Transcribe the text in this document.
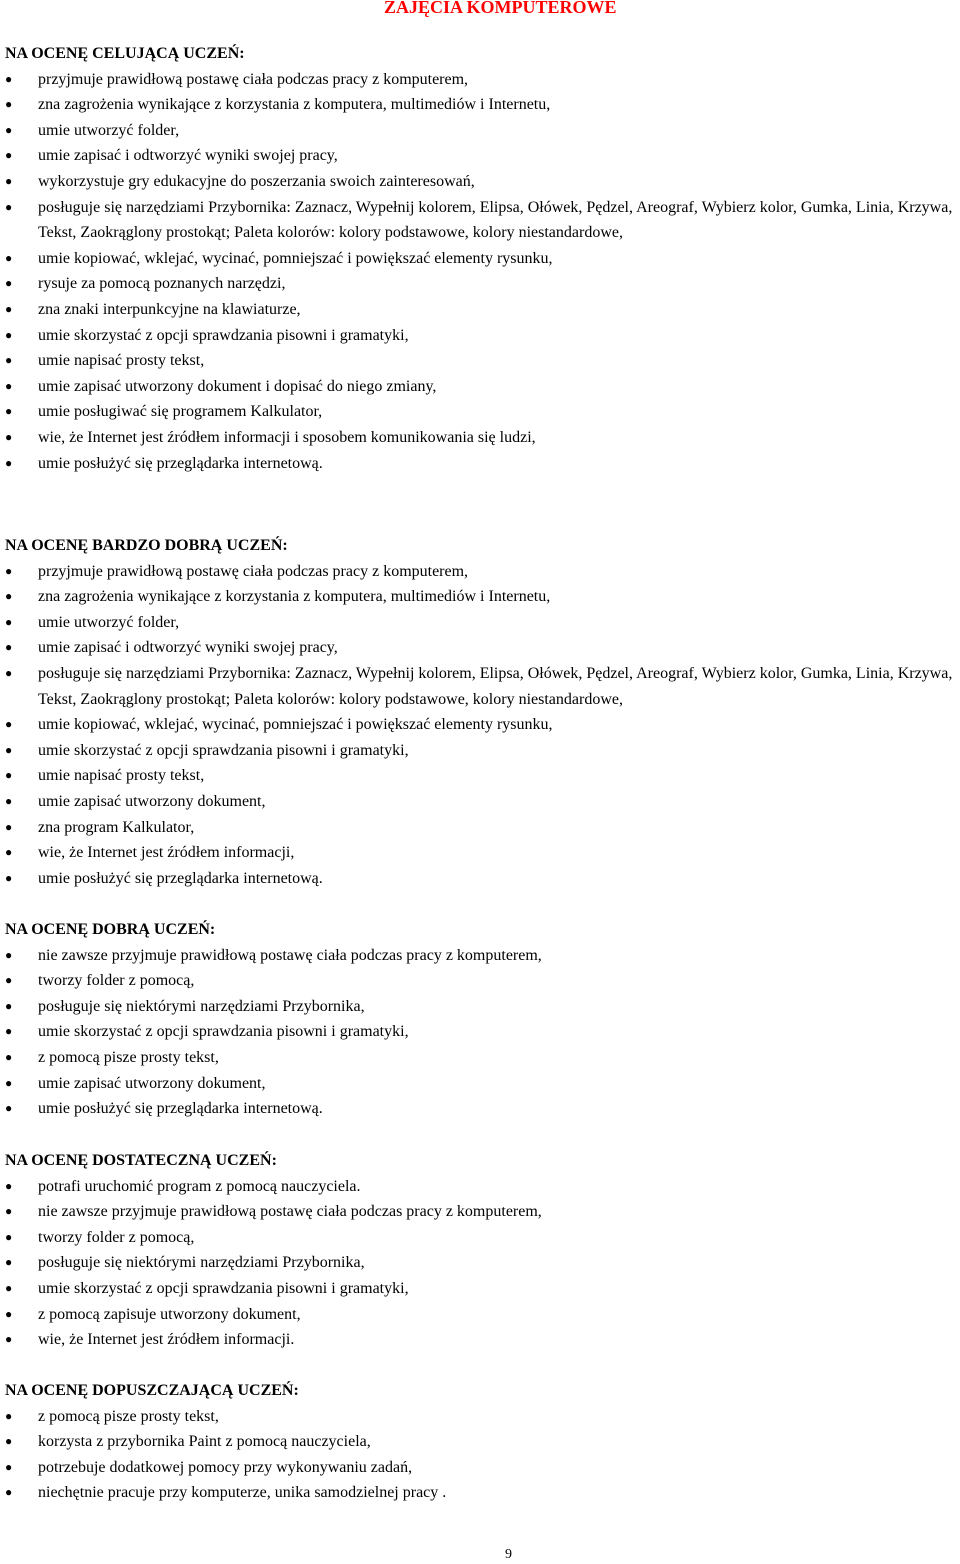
ZAJĘCIA KOMPUTEROWE
NA OCENĘ CELUJĄCĄ UCZEŃ:
● przyjmuje prawidłową postawę ciała podczas pracy z komputerem,
● zna zagrożenia wynikające z korzystania z komputera, multimediów i Internetu,
● umie utworzyć folder,
● umie zapisać i odtworzyć wyniki swojej pracy,
● wykorzystuje gry edukacyjne do poszerzania swoich zainteresowań,
● posługuje się narzędziami Przybornika: Zaznacz, Wypełnij kolorem, Elipsa, Ołówek, Pędzel, Areograf, Wybierz kolor, Gumka, Linia, Krzywa, Tekst, Zaokrąglony prostokąt; Paleta kolorów: kolory podstawowe, kolory niestandardowe,
● umie kopiować, wklejać, wycinać, pomniejszać i powiększać elementy rysunku,
● rysuje za pomocą poznanych narzędzi,
● zna znaki interpunkcyjne na klawiaturze,
● umie skorzystać z opcji sprawdzania pisowni i gramatyki,
● umie napisać prosty tekst,
● umie zapisać utworzony dokument i dopisać do niego zmiany,
● umie posługiwać się programem Kalkulator,
● wie, że Internet jest źródłem informacji i sposobem komunikowania się ludzi,
● umie posłużyć się przeglądarka internetową.
NA OCENĘ BARDZO DOBRĄ UCZEŃ:
● przyjmuje prawidłową postawę ciała podczas pracy z komputerem,
● zna zagrożenia wynikające z korzystania z komputera, multimediów i Internetu,
● umie utworzyć folder,
● umie zapisać i odtworzyć wyniki swojej pracy,
● posługuje się narzędziami Przybornika: Zaznacz, Wypełnij kolorem, Elipsa, Ołówek, Pędzel, Areograf, Wybierz kolor, Gumka, Linia, Krzywa, Tekst, Zaokrąglony prostokąt; Paleta kolorów: kolory podstawowe, kolory niestandardowe,
● umie kopiować, wklejać, wycinać, pomniejszać i powiększać elementy rysunku,
● umie skorzystać z opcji sprawdzania pisowni i gramatyki,
● umie napisać prosty tekst,
● umie zapisać utworzony dokument,
● zna program Kalkulator,
● wie, że Internet jest źródłem informacji,
● umie posłużyć się przeglądarka internetową.
NA OCENĘ DOBRĄ UCZEŃ:
● nie zawsze przyjmuje prawidłową postawę ciała podczas pracy z komputerem,
● tworzy folder z pomocą,
● posługuje się niektórymi narzędziami Przybornika,
● umie skorzystać z opcji sprawdzania pisowni i gramatyki,
● z pomocą pisze prosty tekst,
● umie zapisać utworzony dokument,
● umie posłużyć się przeglądarka internetową.
NA OCENĘ DOSTATECZNĄ UCZEŃ:
● potrafi uruchomić program z pomocą nauczyciela.
● nie zawsze przyjmuje prawidłową postawę ciała podczas pracy z komputerem,
● tworzy folder z pomocą,
● posługuje się niektórymi narzędziami Przybornika,
● umie skorzystać z opcji sprawdzania pisowni i gramatyki,
● z pomocą zapisuje utworzony dokument,
● wie, że Internet jest źródłem informacji.
NA OCENĘ DOPUSZCZAJĄCĄ UCZEŃ:
● z pomocą pisze prosty tekst,
● korzysta z przybornika Paint z pomocą nauczyciela,
● potrzebuje dodatkowej pomocy przy wykonywaniu zadań,
● niechętnie pracuje przy komputerze, unika samodzielnej pracy .
9
